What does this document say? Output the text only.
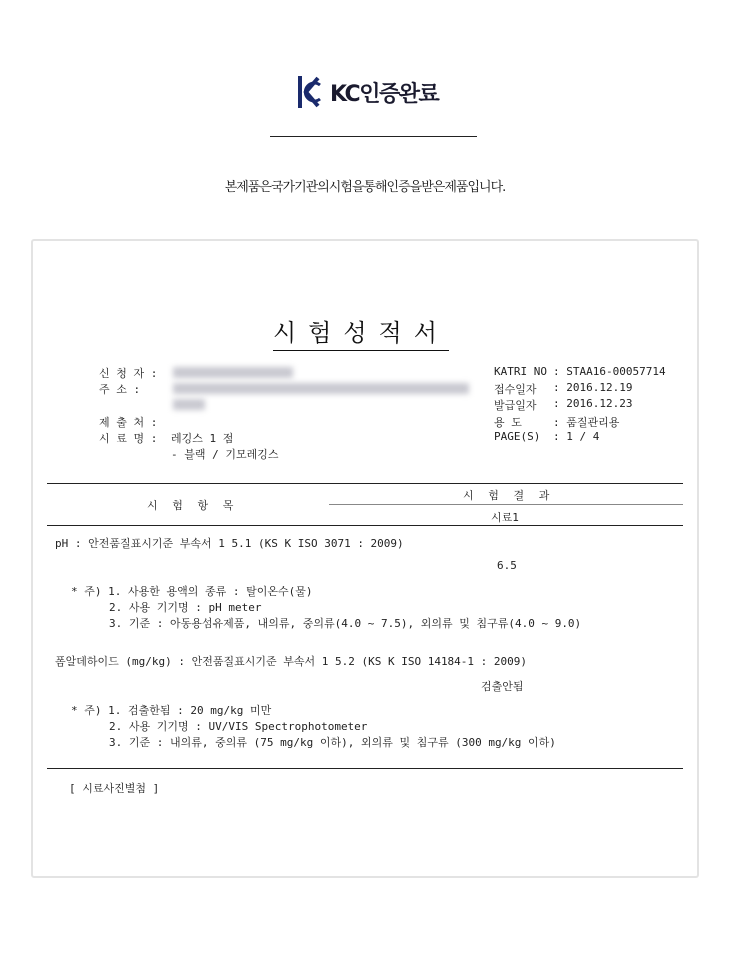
KC인증완료
본제품은국가기관의시험을통해인증을받은제품입니다.
시험성적서
신 청 자 :
주 소 :
제 출 처 :
시 료 명 : 레깅스 1 점
- 블랙 / 기모레깅스
KATRI NO : STAA16-00057714
접수일자 : 2016.12.19
발급일자 : 2016.12.23
용 도	: 품질관리용
PAGE(S) : 1 / 4
시 험 항 목
시 험 결 과
시료1
pH : 안전품질표시기준 부속서 1 5.1 (KS K ISO 3071 : 2009)
6.5
* 주) 1. 사용한 용액의 종류 : 탈이온수(물)
2. 사용 기기명 : pH meter
3. 기준 : 아동용섬유제품, 내의류, 중의류(4.0 ~ 7.5), 외의류 및 침구류(4.0 ~ 9.0)
폼알데하이드 (mg/kg) : 안전품질표시기준 부속서 1 5.2 (KS K ISO 14184-1 : 2009)
검출안됨
* 주) 1. 검출한됨 : 20 mg/kg 미만
2. 사용 기기명 : UV/VIS Spectrophotometer
3. 기준 : 내의류, 중의류 (75 mg/kg 이하), 외의류 및 침구류 (300 mg/kg 이하)
[ 시료사진별첨 ]
